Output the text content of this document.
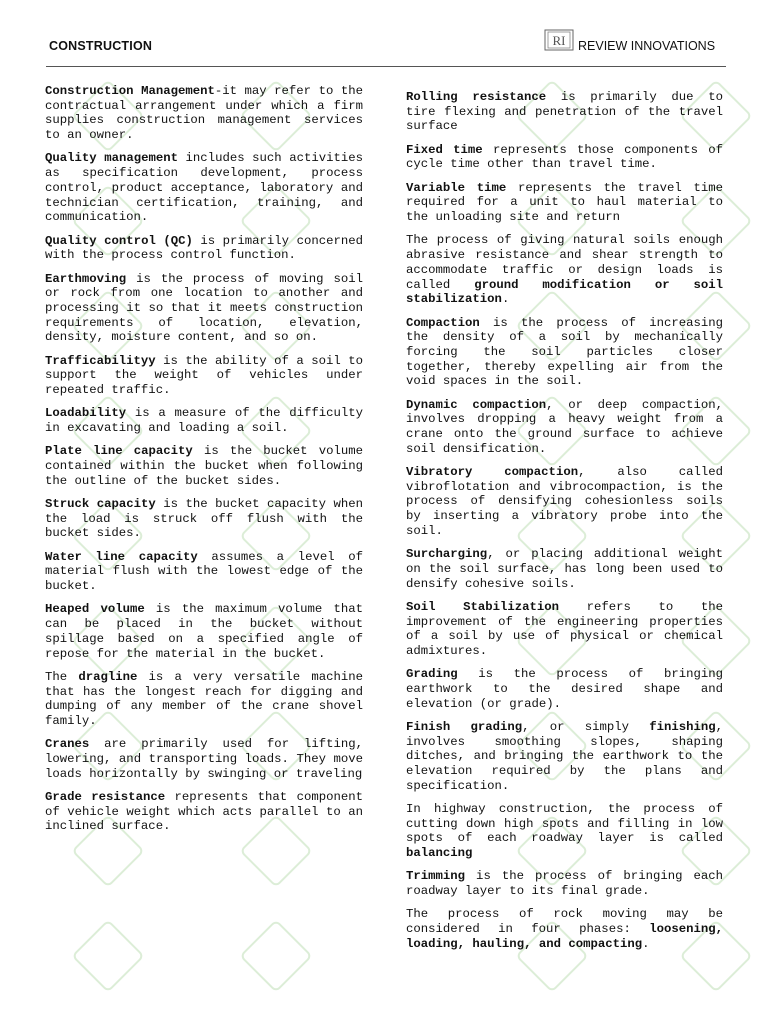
CONSTRUCTION	RI REVIEW INNOVATIONS

Construction Management-it may refer to the contractual arrangement under which a firm supplies construction management services to an owner.

Quality management includes such activities as specification development, process control, product acceptance, laboratory and technician certification, training, and communication.

Quality control (QC) is primarily concerned with the process control function.

Earthmoving is the process of moving soil or rock from one location to another and processing it so that it meets construction requirements of location, elevation, density, moisture content, and so on.

Trafficabilityy is the ability of a soil to support the weight of vehicles under repeated traffic.

Loadability is a measure of the difficulty in excavating and loading a soil.

Plate line capacity is the bucket volume contained within the bucket when following the outline of the bucket sides.

Struck capacity is the bucket capacity when the load is struck off flush with the bucket sides.

Water line capacity assumes a level of material flush with the lowest edge of the bucket.

Heaped volume is the maximum volume that can be placed in the bucket without spillage based on a specified angle of repose for the material in the bucket.

The dragline is a very versatile machine that has the longest reach for digging and dumping of any member of the crane shovel family.

Cranes are primarily used for lifting, lowering, and transporting loads. They move loads horizontally by swinging or traveling

Grade resistance represents that component of vehicle weight which acts parallel to an inclined surface.

Rolling resistance is primarily due to tire flexing and penetration of the travel surface

Fixed time represents those components of cycle time other than travel time.

Variable time represents the travel time required for a unit to haul material to the unloading site and return

The process of giving natural soils enough abrasive resistance and shear strength to accommodate traffic or design loads is called ground modification or soil stabilization.

Compaction is the process of increasing the density of a soil by mechanically forcing the soil particles closer together, thereby expelling air from the void spaces in the soil.

Dynamic compaction, or deep compaction, involves dropping a heavy weight from a crane onto the ground surface to achieve soil densification.

Vibratory compaction, also called vibroflotation and vibrocompaction, is the process of densifying cohesionless soils by inserting a vibratory probe into the soil.

Surcharging, or placing additional weight on the soil surface, has long been used to densify cohesive soils.

Soil Stabilization refers to the improvement of the engineering properties of a soil by use of physical or chemical admixtures.

Grading is the process of bringing earthwork to the desired shape and elevation (or grade).

Finish grading, or simply finishing, involves smoothing slopes, shaping ditches, and bringing the earthwork to the elevation required by the plans and specification.

In highway construction, the process of cutting down high spots and filling in low spots of each roadway layer is called balancing

Trimming is the process of bringing each roadway layer to its final grade.

The process of rock moving may be considered in four phases: loosening, loading, hauling, and compacting.
